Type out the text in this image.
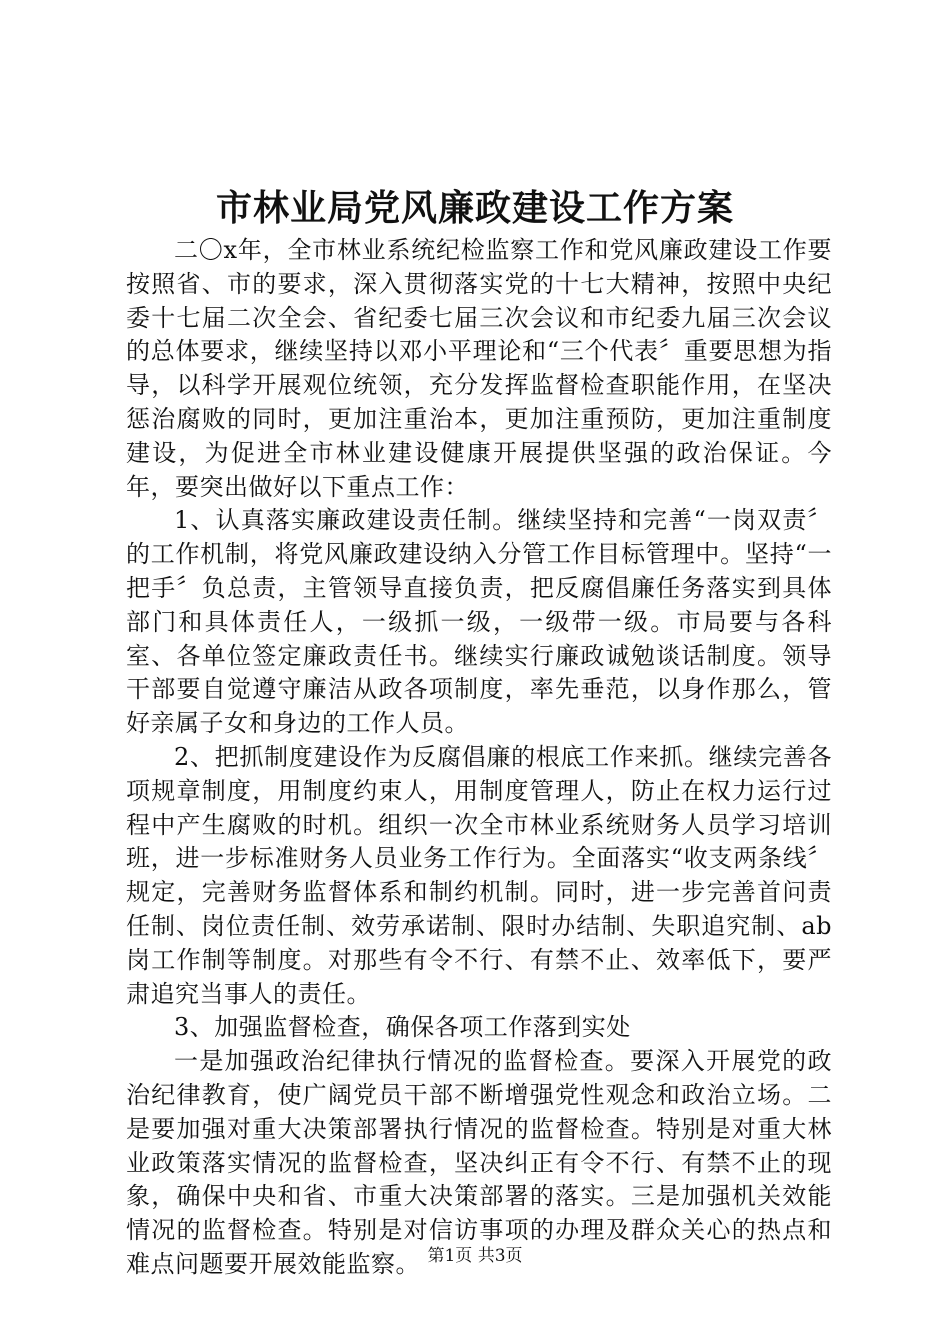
市林业局党风廉政建设工作方案

二〇x年，全市林业系统纪检监察工作和党风廉政建设工作要按照省、市的要求，深入贯彻落实党的十七大精神，按照中央纪委十七届二次全会、省纪委七届三次会议和市纪委九届三次会议的总体要求，继续坚持以邓小平理论和“三个代表〞重要思想为指导，以科学开展观位统领，充分发挥监督检查职能作用，在坚决惩治腐败的同时，更加注重治本，更加注重预防，更加注重制度建设，为促进全市林业建设健康开展提供坚强的政治保证。今年，要突出做好以下重点工作：

1、认真落实廉政建设责任制。继续坚持和完善“一岗双责〞的工作机制，将党风廉政建设纳入分管工作目标管理中。坚持“一把手〞负总责，主管领导直接负责，把反腐倡廉任务落实到具体部门和具体责任人，一级抓一级，一级带一级。市局要与各科室、各单位签定廉政责任书。继续实行廉政诚勉谈话制度。领导干部要自觉遵守廉洁从政各项制度，率先垂范，以身作那么，管好亲属子女和身边的工作人员。

2、把抓制度建设作为反腐倡廉的根底工作来抓。继续完善各项规章制度，用制度约束人，用制度管理人，防止在权力运行过程中产生腐败的时机。组织一次全市林业系统财务人员学习培训班，进一步标准财务人员业务工作行为。全面落实“收支两条线〞规定，完善财务监督体系和制约机制。同时，进一步完善首问责任制、岗位责任制、效劳承诺制、限时办结制、失职追究制、ab岗工作制等制度。对那些有令不行、有禁不止、效率低下，要严肃追究当事人的责任。

3、加强监督检查，确保各项工作落到实处

一是加强政治纪律执行情况的监督检查。要深入开展党的政治纪律教育，使广阔党员干部不断增强党性观念和政治立场。二是要加强对重大决策部署执行情况的监督检查。特别是对重大林业政策落实情况的监督检查，坚决纠正有令不行、有禁不止的现象，确保中央和省、市重大决策部署的落实。三是加强机关效能情况的监督检查。特别是对信访事项的办理及群众关心的热点和难点问题要开展效能监察。 第1页 共3页
